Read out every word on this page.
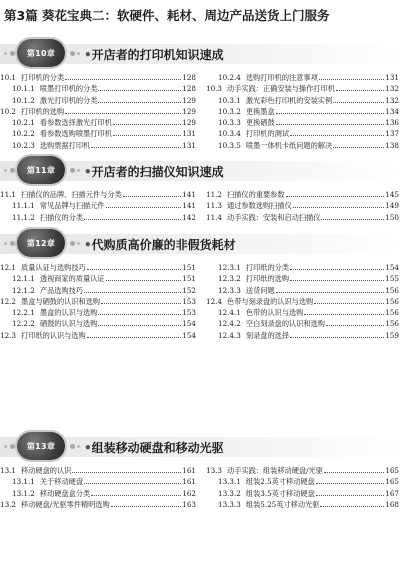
第3篇 葵花宝典二：软硬件、耗材、周边产品送货上门服务
第10章	• 开店者的打印机知识速成
10.1 打印机的分类	128
10.1.1 喷墨打印机的分类	128
10.1.2 激光打印机的分类	129
10.2 打印机的选购	129
10.2.1 看参数选择激光打印机	129
10.2.2 看参数选购喷墨打印机	131
10.2.3 选购票据打印机	131
10.2.4 选购打印机的注意事项	131
10.3 动手实践：正确安装与操作打印机	132
10.3.1 激光彩色打印机的安装实例	132
10.3.2 更换墨盒	134
10.3.3 更换硒鼓	136
10.3.4 打印机的测试	137
10.3.5 喷墨一体机卡纸问题的解决	138
第11章	• 开店者的扫描仪知识速成
11.1 扫描仪的品牌、扫描元件与分类	141
11.1.1 常见品牌与扫描元件	141
11.1.2 扫描仪的分类	142
11.2 扫描仪的重要参数	145
11.3 通过参数选购扫描仪	149
11.4 动手实践：安装和启动扫描仪	150
第12章	• 代购质高价廉的非假货耗材
12.1 质量认证与选购技巧	151
12.1.1 透视商家的质量认证	151
12.1.2 产品选购技巧	152
12.2 墨盒与硒鼓的认识和选购	153
12.2.1 墨盒的认识与选购	153
12.2.2 硒鼓的认识与选购	154
12.3 打印纸的认识与选购	154
12.3.1 打印纸的分类	154
12.3.2 打印纸的选购	155
12.3.3 送货问题	156
12.4 色带与刻录盘的认识与选购	156
12.4.1 色带的认识与选购	156
12.4.2 空白刻录盘的认识和选购	156
12.4.3 刻录盘的选择	159
第13章	• 组装移动硬盘和移动光驱
13.1 移动硬盘的认识	161
13.1.1 关于移动硬盘	161
13.1.2 移动硬盘盒分类	162
13.2 移动硬盘/光驱零件精明选购	163
13.3 动手实践：组装移动硬盘/光驱	165
13.3.1 组装2.5英寸移动硬盘	165
13.3.2 组装3.5英寸移动硬盘	167
13.3.3 组装5.25英寸移动光驱	168
